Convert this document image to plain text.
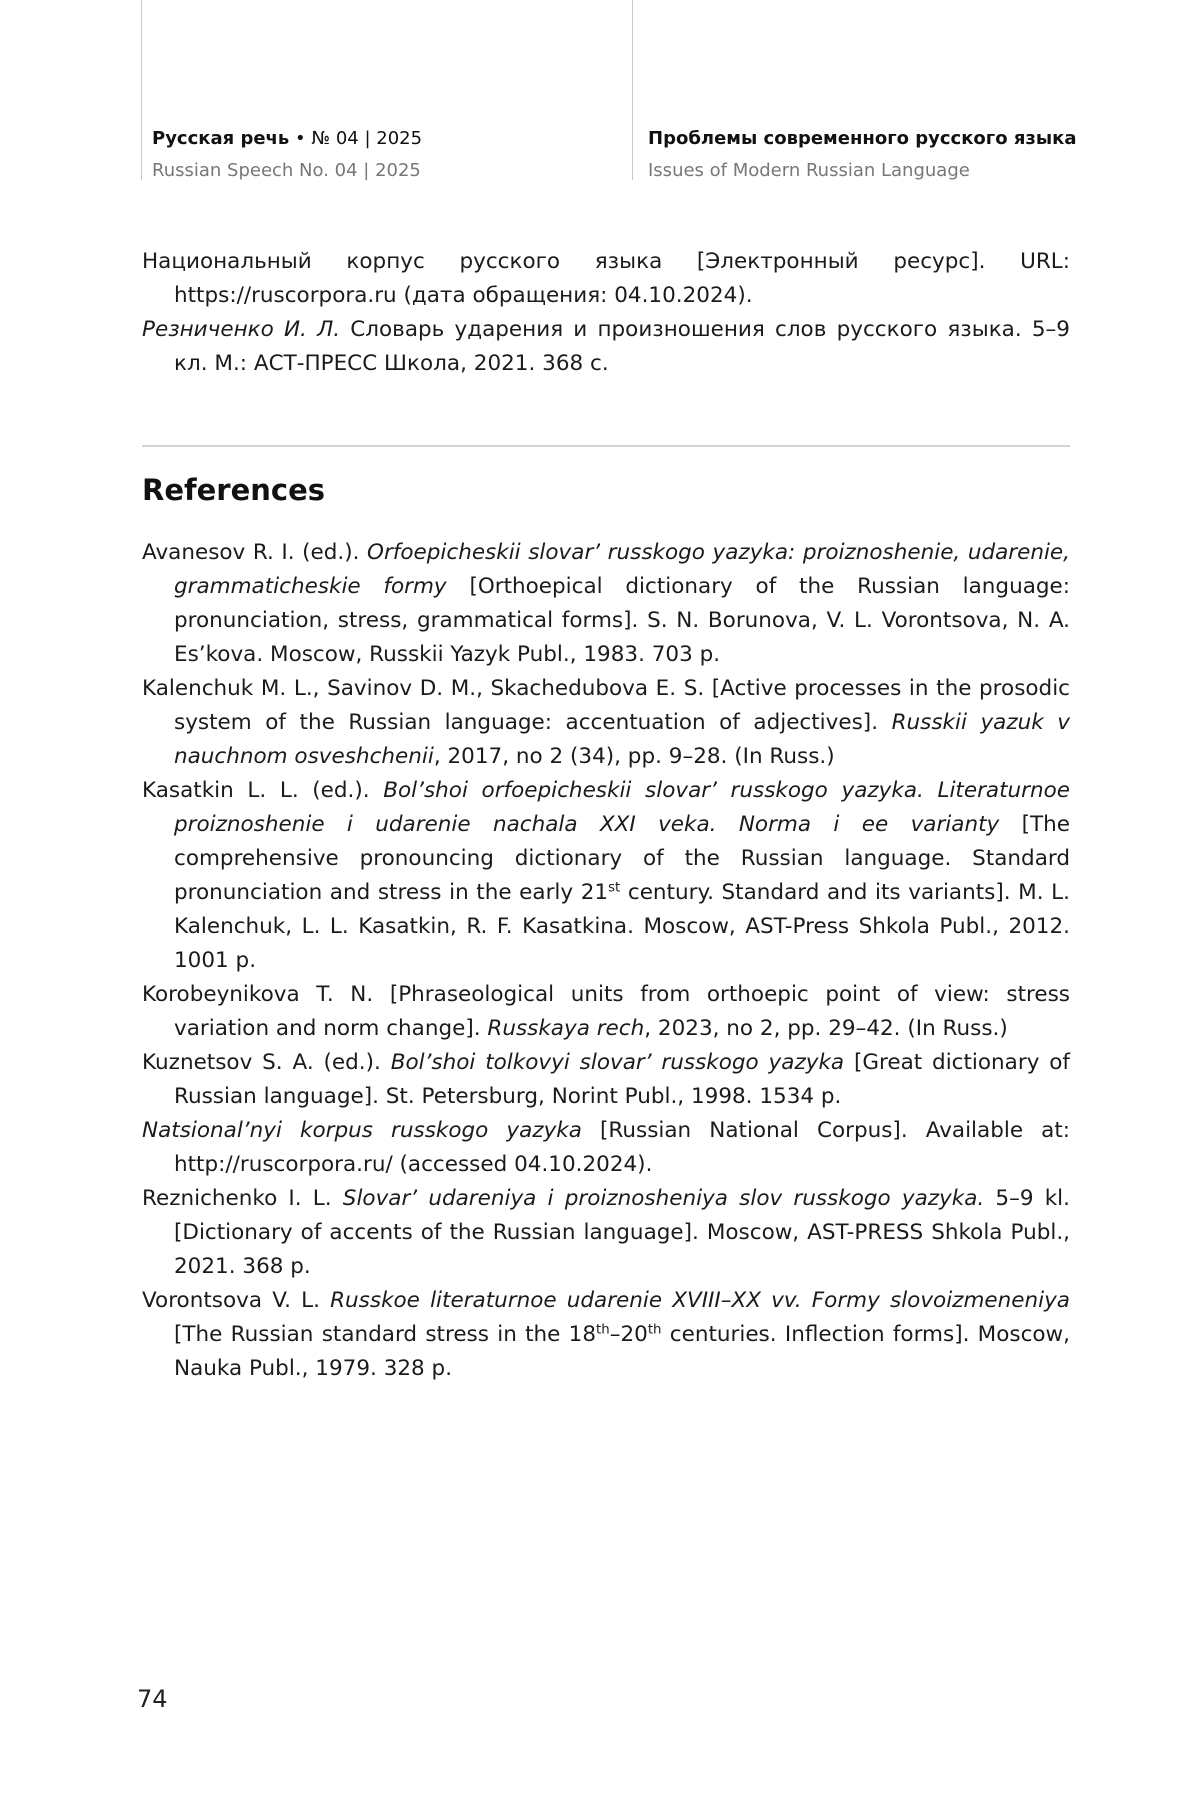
Русская речь • № 04 | 2025
Russian Speech No. 04 | 2025
Проблемы современного русского языка
Issues of Modern Russian Language

Национальный корпус русского языка [Электронный ресурс]. URL: https://ruscorpora.ru (дата обращения: 04.10.2024).

Резниченко И. Л. Словарь ударения и произношения слов русского языка. 5–9 кл. М.: АСТ-ПРЕСС Школа, 2021. 368 с.

References

Avanesov R. I. (ed.). Orfoepicheskii slovar’ russkogo yazyka: proiznoshenie, udarenie, grammaticheskie formy [Orthoepical dictionary of the Russian language: pronunciation, stress, grammatical forms]. S. N. Borunova, V. L. Vorontsova, N. A. Es’kova. Moscow, Russkii Yazyk Publ., 1983. 703 p.

Kalenchuk M. L., Savinov D. M., Skachedubova E. S. [Active processes in the prosodic system of the Russian language: accentuation of adjectives]. Russkii yazuk v nauchnom osveshchenii, 2017, no 2 (34), pp. 9–28. (In Russ.)

Kasatkin L. L. (ed.). Bol’shoi orfoepicheskii slovar’ russkogo yazyka. Literaturnoe proiznoshenie i udarenie nachala XXI veka. Norma i ee varianty [The comprehensive pronouncing dictionary of the Russian language. Standard pronunciation and stress in the early 21st century. Standard and its variants]. M. L. Kalenchuk, L. L. Kasatkin, R. F. Kasatkina. Moscow, AST-Press Shkola Publ., 2012. 1001 p.

Korobeynikova T. N. [Phraseological units from orthoepic point of view: stress variation and norm change]. Russkaya rech, 2023, no 2, pp. 29–42. (In Russ.)

Kuznetsov S. A. (ed.). Bol’shoi tolkovyi slovar’ russkogo yazyka [Great dictionary of Russian language]. St. Petersburg, Norint Publ., 1998. 1534 p.

Natsional’nyi korpus russkogo yazyka [Russian National Corpus]. Available at: http://ruscorpora.ru/ (accessed 04.10.2024).

Reznichenko I. L. Slovar’ udareniya i proiznosheniya slov russkogo yazyka. 5–9 kl. [Dictionary of accents of the Russian language]. Moscow, AST-PRESS Shkola Publ., 2021. 368 p.

Vorontsova V. L. Russkoe literaturnoe udarenie XVIII–XX vv. Formy slovoizmeneniya [The Russian standard stress in the 18th–20th centuries. Inflection forms]. Moscow, Nauka Publ., 1979. 328 p.

74
